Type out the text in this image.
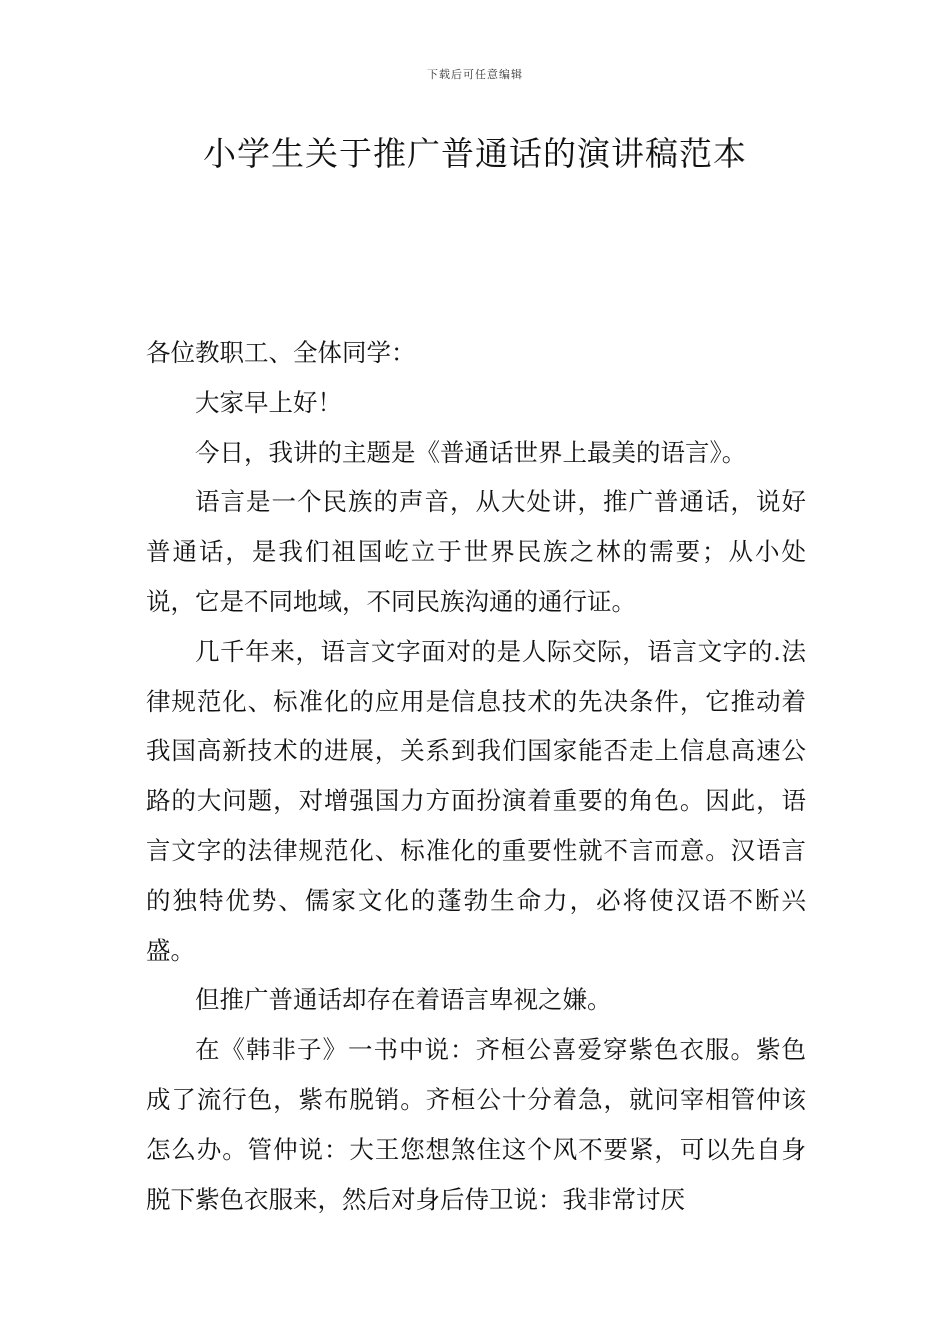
下载后可任意编辑
小学生关于推广普通话的演讲稿范本

各位教职工、全体同学：

大家早上好！

今日，我讲的主题是《普通话世界上最美的语言》。

语言是一个民族的声音，从大处讲，推广普通话，说好普通话，是我们祖国屹立于世界民族之林的需要；从小处说，它是不同地域，不同民族沟通的通行证。

几千年来，语言文字面对的是人际交际，语言文字的.法律规范化、标准化的应用是信息技术的先决条件，它推动着我国高新技术的进展，关系到我们国家能否走上信息高速公路的大问题，对增强国力方面扮演着重要的角色。因此，语言文字的法律规范化、标准化的重要性就不言而意。汉语言的独特优势、儒家文化的蓬勃生命力，必将使汉语不断兴盛。

但推广普通话却存在着语言卑视之嫌。

在《韩非子》一书中说：齐桓公喜爱穿紫色衣服。紫色成了流行色，紫布脱销。齐桓公十分着急，就问宰相管仲该怎么办。管仲说：大王您想煞住这个风不要紧，可以先自身脱下紫色衣服来，然后对身后侍卫说：我非常讨厌
